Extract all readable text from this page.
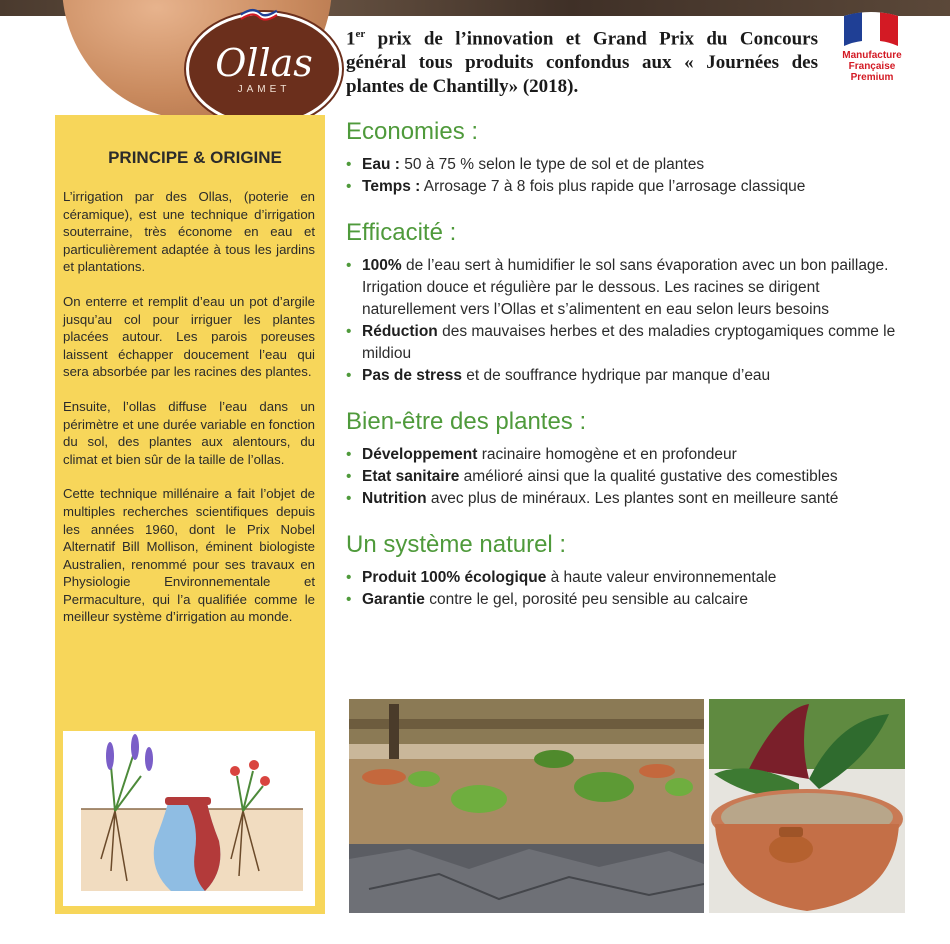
Ollas
JAMET
1er prix de l’innovation et Grand Prix du Concours général tous produits confondus aux « Journées des plantes de Chantilly» (2018).
Manufacture
Française
Premium
PRINCIPE & ORIGINE

L’irrigation par des Ollas, (poterie en céramique), est une technique d’irrigation souterraine, très économe en eau et particulièrement adaptée à tous les jardins et plantations.

On enterre et remplit d’eau un pot d’argile jusqu’au col pour irriguer les plantes placées autour. Les parois poreuses laissent échapper doucement l’eau qui sera absorbée par les racines des plantes.

Ensuite, l’ollas diffuse l’eau dans un périmètre et une durée variable en fonction du sol, des plantes aux alentours, du climat et bien sûr de la taille de l’ollas.

Cette technique millénaire a fait l’objet de multiples recherches scientifiques depuis les années 1960, dont le Prix Nobel Alternatif Bill Mollison, éminent biologiste Australien, renommé pour ses travaux en Physiologie Environnementale et Permaculture, qui l’a qualifiée comme le meilleur système d’irrigation au monde.

Economies :
• Eau : 50 à 75 % selon le type de sol et de plantes
• Temps : Arrosage 7 à 8 fois plus rapide que l’arrosage classique
Efficacité :
• 100% de l’eau sert à humidifier le sol sans évaporation avec un bon paillage. Irrigation douce et régulière par le dessous. Les racines se dirigent naturellement vers l’Ollas et s’alimentent en eau selon leurs besoins
• Réduction des mauvaises herbes et des maladies cryptogamiques comme le mildiou
• Pas de stress et de souffrance hydrique par manque d’eau
Bien-être des plantes :
• Développement racinaire homogène et en profondeur
• Etat sanitaire amélioré ainsi que la qualité gustative des comestibles
• Nutrition avec plus de minéraux. Les plantes sont en meilleure santé
Un système naturel :
• Produit 100% écologique à haute valeur environnementale
• Garantie contre le gel, porosité peu sensible au calcaire
